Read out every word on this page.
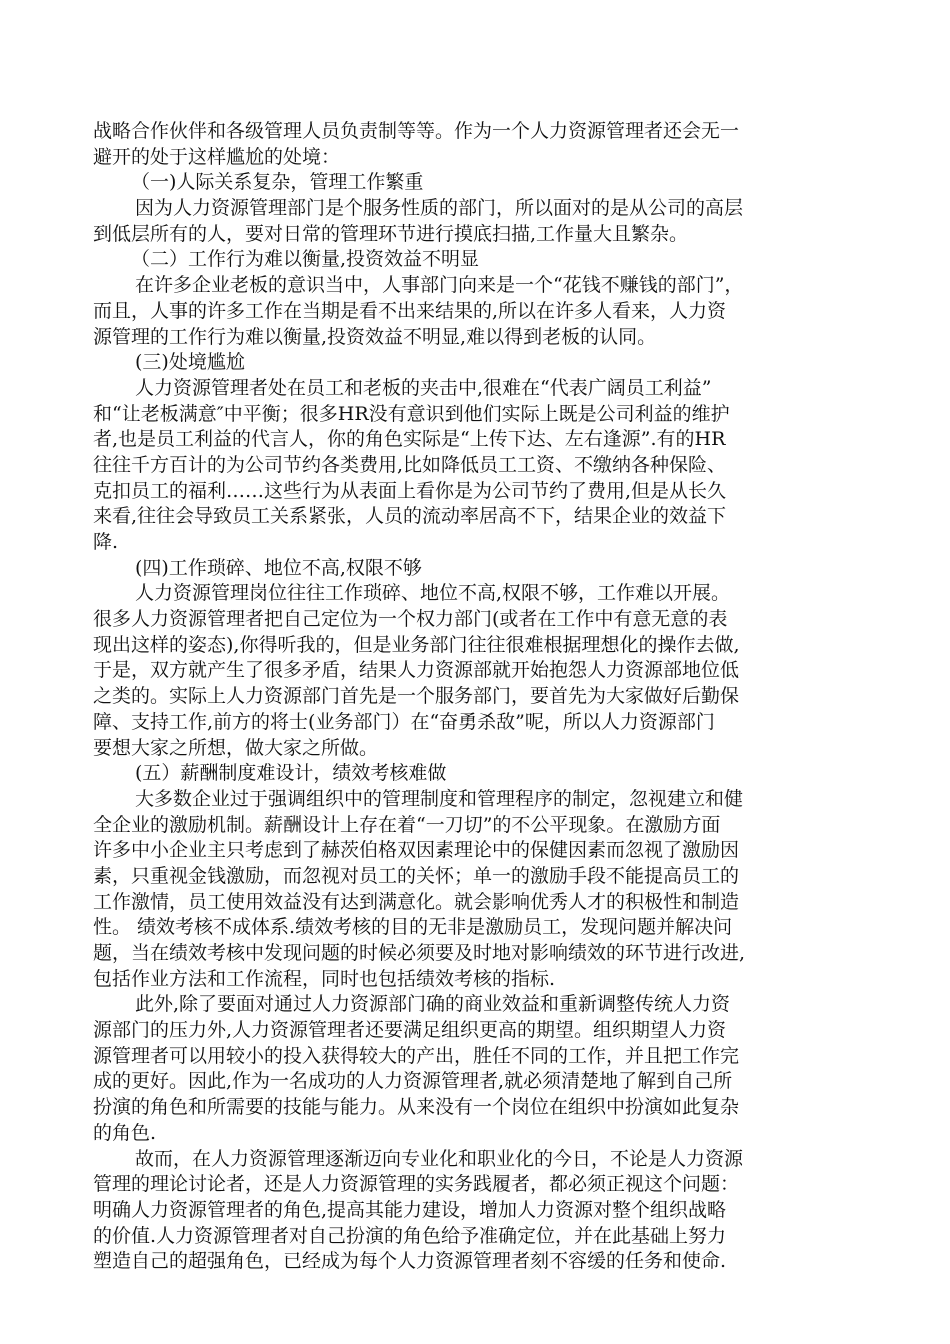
战略合作伙伴和各级管理人员负责制等等。作为一个人力资源管理者还会无一
避开的处于这样尴尬的处境：
（一)人际关系复杂，管理工作繁重
因为人力资源管理部门是个服务性质的部门，所以面对的是从公司的高层
到低层所有的人，要对日常的管理环节进行摸底扫描,工作量大且繁杂。
（二）工作行为难以衡量,投资效益不明显
在许多企业老板的意识当中，人事部门向来是一个“花钱不赚钱的部门”，
而且，人事的许多工作在当期是看不出来结果的,所以在许多人看来，人力资
源管理的工作行为难以衡量,投资效益不明显,难以得到老板的认同。
(三)处境尴尬
人力资源管理者处在员工和老板的夹击中,很难在“代表广阔员工利益”
和“让老板满意″中平衡；很多HR没有意识到他们实际上既是公司利益的维护
者,也是员工利益的代言人，你的角色实际是“上传下达、左右逢源”.有的HR
往往千方百计的为公司节约各类费用,比如降低员工工资、不缴纳各种保险、
克扣员工的福利……这些行为从表面上看你是为公司节约了费用,但是从长久
来看,往往会导致员工关系紧张，人员的流动率居高不下，结果企业的效益下
降.
(四)工作琐碎、地位不高,权限不够
人力资源管理岗位往往工作琐碎、地位不高,权限不够，工作难以开展。
很多人力资源管理者把自己定位为一个权力部门(或者在工作中有意无意的表
现出这样的姿态),你得听我的，但是业务部门往往很难根据理想化的操作去做,
于是，双方就产生了很多矛盾，结果人力资源部就开始抱怨人力资源部地位低
之类的。实际上人力资源部门首先是一个服务部门，要首先为大家做好后勤保
障、支持工作,前方的将士(业务部门）在“奋勇杀敌”呢，所以人力资源部门
要想大家之所想，做大家之所做。
(五）薪酬制度难设计，绩效考核难做
大多数企业过于强调组织中的管理制度和管理程序的制定，忽视建立和健
全企业的激励机制。薪酬设计上存在着“一刀切”的不公平现象。在激励方面
许多中小企业主只考虑到了赫茨伯格双因素理论中的保健因素而忽视了激励因
素，只重视金钱激励，而忽视对员工的关怀；单一的激励手段不能提高员工的
工作激情，员工使用效益没有达到满意化。就会影响优秀人才的积极性和制造
性。 绩效考核不成体系.绩效考核的目的无非是激励员工，发现问题并解决问
题，当在绩效考核中发现问题的时候必须要及时地对影响绩效的环节进行改进,
包括作业方法和工作流程，同时也包括绩效考核的指标.
此外,除了要面对通过人力资源部门确的商业效益和重新调整传统人力资
源部门的压力外,人力资源管理者还要满足组织更高的期望。组织期望人力资
源管理者可以用较小的投入获得较大的产出，胜任不同的工作，并且把工作完
成的更好。因此,作为一名成功的人力资源管理者,就必须清楚地了解到自己所
扮演的角色和所需要的技能与能力。从来没有一个岗位在组织中扮演如此复杂
的角色.
故而，在人力资源管理逐渐迈向专业化和职业化的今日，不论是人力资源
管理的理论讨论者，还是人力资源管理的实务践履者，都必须正视这个问题：
明确人力资源管理者的角色,提高其能力建设，增加人力资源对整个组织战略
的价值.人力资源管理者对自己扮演的角色给予准确定位，并在此基础上努力
塑造自己的超强角色，已经成为每个人力资源管理者刻不容缓的任务和使命.
